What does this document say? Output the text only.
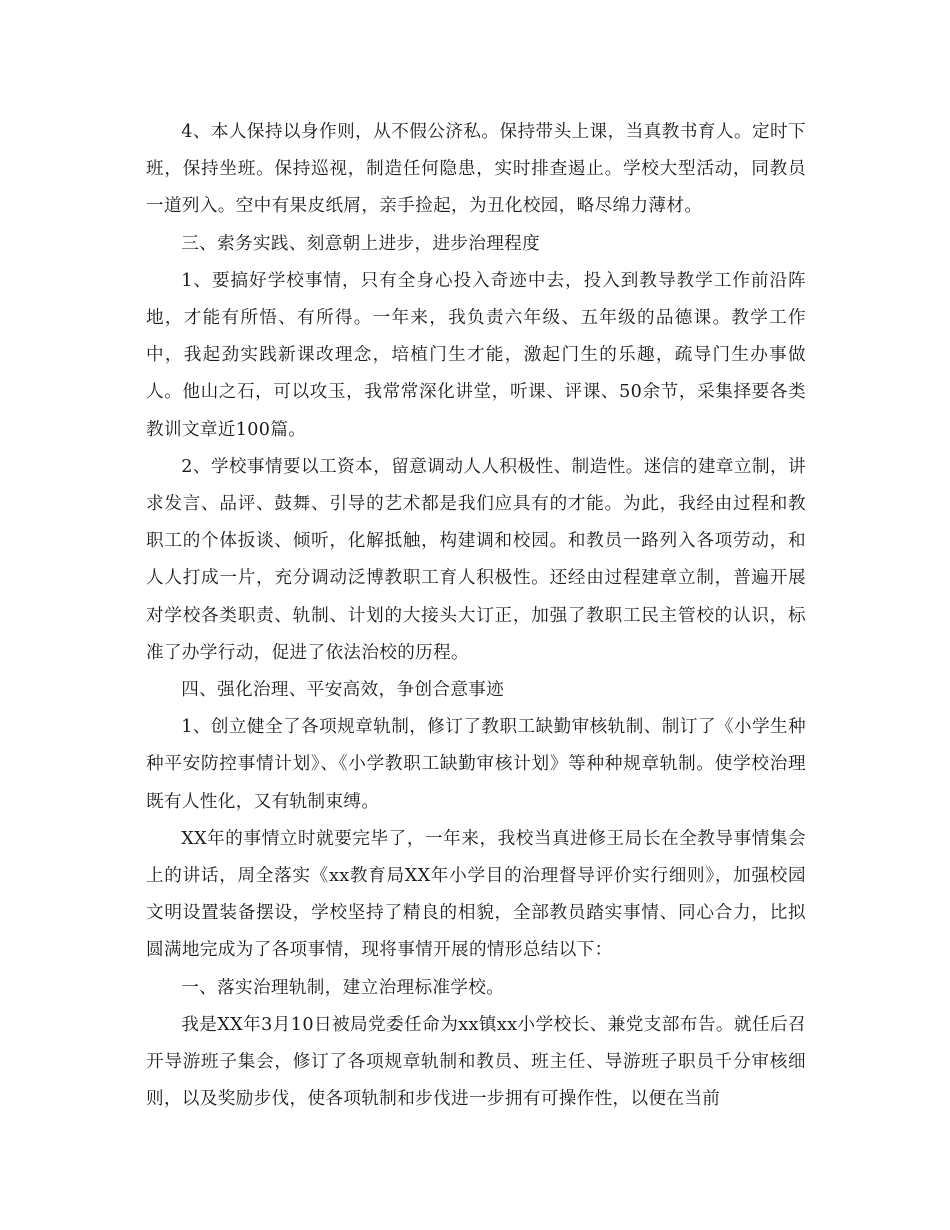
4、本人保持以身作则，从不假公济私。保持带头上课，当真教书育人。定时下班，保持坐班。保持巡视，制造任何隐患，实时排查遏止。学校大型活动，同教员一道列入。空中有果皮纸屑，亲手捡起，为丑化校园，略尽绵力薄材。

三、索务实践、刻意朝上进步，进步治理程度

1、要搞好学校事情，只有全身心投入奇迹中去，投入到教导教学工作前沿阵地，才能有所悟、有所得。一年来，我负责六年级、五年级的品德课。教学工作中，我起劲实践新课改理念，培植门生才能，激起门生的乐趣，疏导门生办事做人。他山之石，可以攻玉，我常常深化讲堂，听课、评课、50余节，采集择要各类教训文章近100篇。

2、学校事情要以工资本，留意调动人人积极性、制造性。迷信的建章立制，讲求发言、品评、鼓舞、引导的艺术都是我们应具有的才能。为此，我经由过程和教职工的个体扳谈、倾听，化解抵触，构建调和校园。和教员一路列入各项劳动，和人人打成一片，充分调动泛博教职工育人积极性。还经由过程建章立制，普遍开展对学校各类职责、轨制、计划的大接头大订正，加强了教职工民主管校的认识，标准了办学行动，促进了依法治校的历程。

四、强化治理、平安高效，争创合意事迹

1、创立健全了各项规章轨制，修订了教职工缺勤审核轨制、制订了《小学生种种平安防控事情计划》、《小学教职工缺勤审核计划》等种种规章轨制。使学校治理既有人性化，又有轨制束缚。

XX年的事情立时就要完毕了，一年来，我校当真进修王局长在全教导事情集会上的讲话，周全落实《xx教育局XX年小学目的治理督导评价实行细则》，加强校园文明设置装备摆设，学校坚持了精良的相貌，全部教员踏实事情、同心合力，比拟圆满地完成为了各项事情，现将事情开展的情形总结以下：

一、落实治理轨制，建立治理标准学校。

我是XX年3月10日被局党委任命为xx镇xx小学校长、兼党支部布告。就任后召开导游班子集会，修订了各项规章轨制和教员、班主任、导游班子职员千分审核细则，以及奖励步伐，使各项轨制和步伐进一步拥有可操作性，以便在当前
